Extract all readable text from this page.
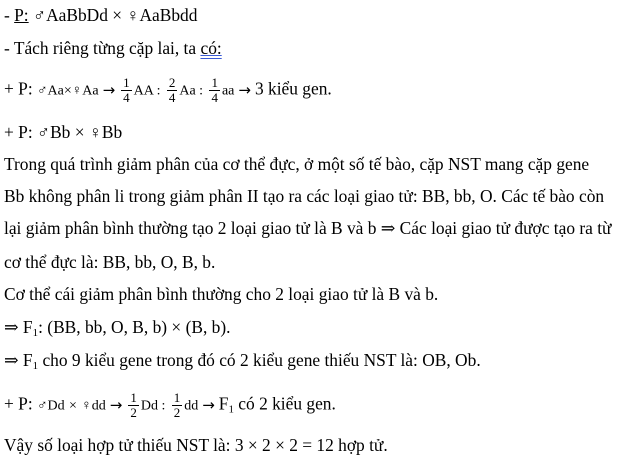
- P: ♂AaBbDd × ♀AaBbdd
- Tách riêng từng cặp lai, ta có:
+ P: ♂Aa×♀Aa → $\frac{1}{4}$ AA : $\frac{2}{4}$ Aa : $\frac{1}{4}$ aa → 3 kiểu gen.
+ P: ♂Bb × ♀Bb
Trong quá trình giảm phân của cơ thể đực, ở một số tế bào, cặp NST mang cặp gene
Bb không phân li trong giảm phân II tạo ra các loại giao tử: BB, bb, O. Các tế bào còn
lại giảm phân bình thường tạo 2 loại giao tử là B và b ⇒ Các loại giao tử được tạo ra từ
cơ thể đực là: BB, bb, O, B, b.
Cơ thể cái giảm phân bình thường cho 2 loại giao tử là B và b.
⇒ $F_1$: (BB, bb, O, B, b) × (B, b).
⇒ $F_1$ cho 9 kiểu gene trong đó có 2 kiểu gene thiếu NST là: OB, Ob.
+ P: ♂Dd × ♀dd → $\frac{1}{2}$ Dd : $\frac{1}{2}$ dd → $F_1$ có 2 kiểu gen.
Vậy số loại hợp tử thiếu NST là: 3 × 2 × 2 = 12 hợp tử.
